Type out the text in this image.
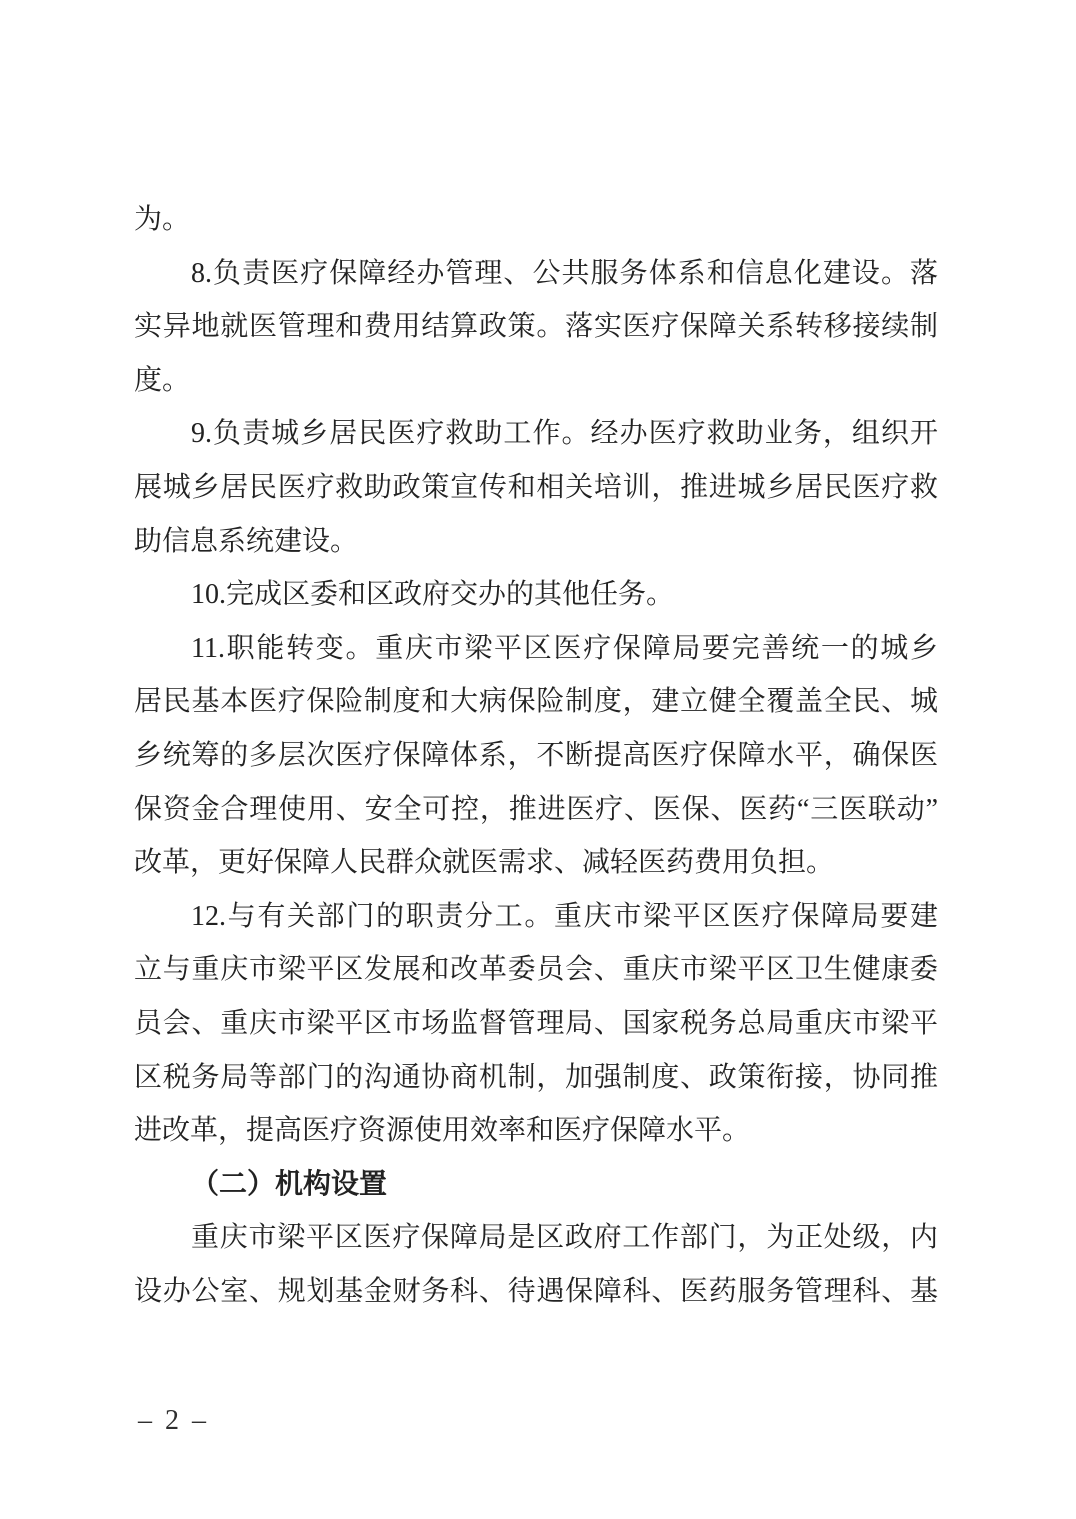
为。
8.负责医疗保障经办管理、公共服务体系和信息化建设。落
实异地就医管理和费用结算政策。落实医疗保障关系转移接续制
度。
9.负责城乡居民医疗救助工作。经办医疗救助业务，组织开
展城乡居民医疗救助政策宣传和相关培训，推进城乡居民医疗救
助信息系统建设。
10.完成区委和区政府交办的其他任务。
11.职能转变。重庆市梁平区医疗保障局要完善统一的城乡
居民基本医疗保险制度和大病保险制度，建立健全覆盖全民、城
乡统筹的多层次医疗保障体系，不断提高医疗保障水平，确保医
保资金合理使用、安全可控，推进医疗、医保、医药“三医联动”
改革，更好保障人民群众就医需求、减轻医药费用负担。
12.与有关部门的职责分工。重庆市梁平区医疗保障局要建
立与重庆市梁平区发展和改革委员会、重庆市梁平区卫生健康委
员会、重庆市梁平区市场监督管理局、国家税务总局重庆市梁平
区税务局等部门的沟通协商机制，加强制度、政策衔接，协同推
进改革，提高医疗资源使用效率和医疗保障水平。
（二）机构设置
重庆市梁平区医疗保障局是区政府工作部门，为正处级，内
设办公室、规划基金财务科、待遇保障科、医药服务管理科、基
– 2 –
